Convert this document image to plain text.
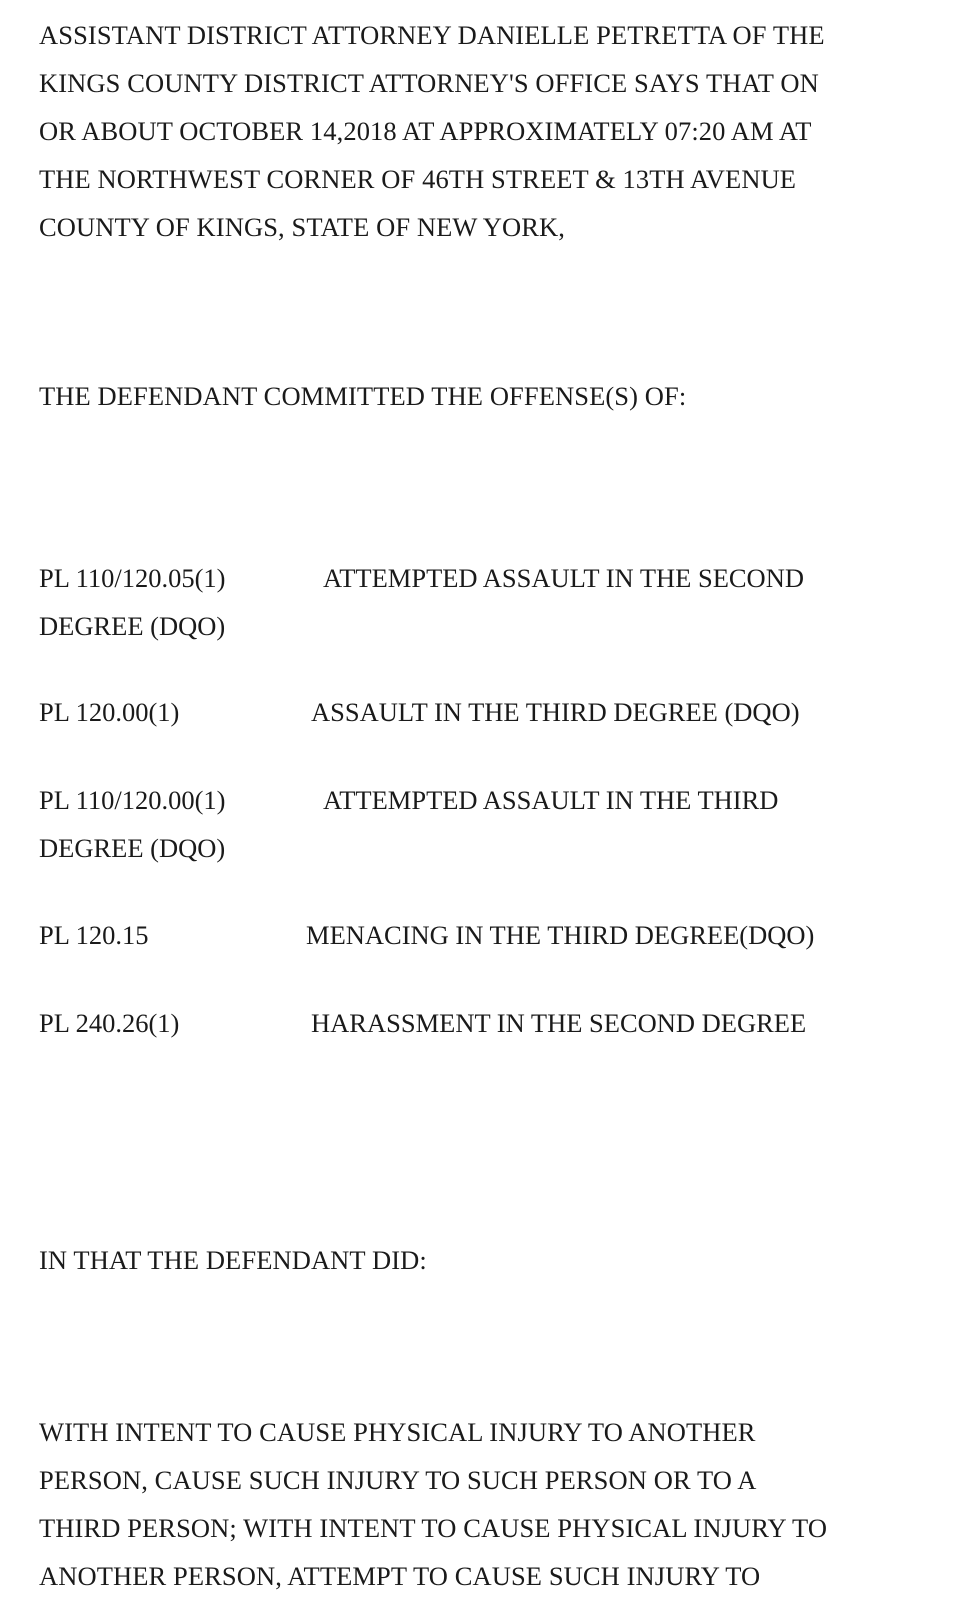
ASSISTANT DISTRICT ATTORNEY DANIELLE PETRETTA OF THE
KINGS COUNTY DISTRICT ATTORNEY'S OFFICE SAYS THAT ON
OR ABOUT OCTOBER 14,2018 AT APPROXIMATELY 07:20 AM AT
THE NORTHWEST CORNER OF 46TH STREET & 13TH AVENUE
COUNTY OF KINGS, STATE OF NEW YORK,

THE DEFENDANT COMMITTED THE OFFENSE(S) OF:

PL 110/120.05(1)	ATTEMPTED ASSAULT IN THE SECOND
DEGREE (DQO)
PL 120.00(1)	ASSAULT IN THE THIRD DEGREE (DQO)
PL 110/120.00(1)	ATTEMPTED ASSAULT IN THE THIRD
DEGREE (DQO)
PL 120.15	MENACING IN THE THIRD DEGREE(DQO)
PL 240.26(1)	HARASSMENT IN THE SECOND DEGREE

IN THAT THE DEFENDANT DID:

WITH INTENT TO CAUSE PHYSICAL INJURY TO ANOTHER
PERSON, CAUSE SUCH INJURY TO SUCH PERSON OR TO A
THIRD PERSON; WITH INTENT TO CAUSE PHYSICAL INJURY TO
ANOTHER PERSON, ATTEMPT TO CAUSE SUCH INJURY TO
